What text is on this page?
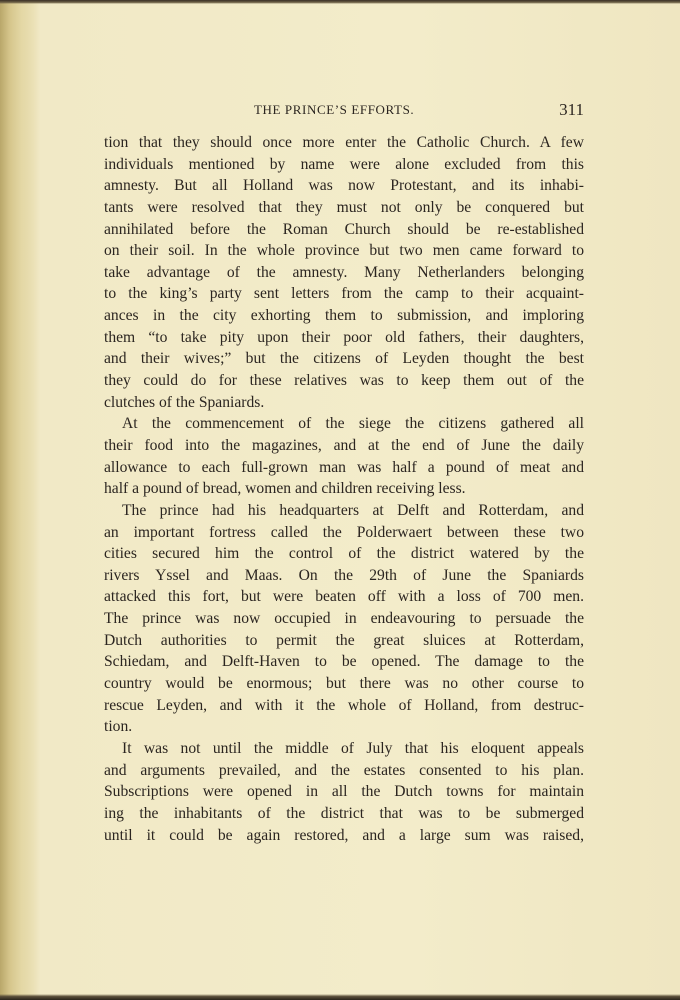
THE PRINCE’S EFFORTS.	311
tion that they should once more enter the Catholic Church. A few
individuals mentioned by name were alone excluded from this
amnesty. But all Holland was now Protestant, and its inhabi-
tants were resolved that they must not only be conquered but
annihilated before the Roman Church should be re-established
on their soil. In the whole province but two men came forward to
take advantage of the amnesty. Many Netherlanders belonging
to the king’s party sent letters from the camp to their acquaint-
ances in the city exhorting them to submission, and imploring
them “to take pity upon their poor old fathers, their daughters,
and their wives;” but the citizens of Leyden thought the best
they could do for these relatives was to keep them out of the
clutches of the Spaniards.
At the commencement of the siege the citizens gathered all
their food into the magazines, and at the end of June the daily
allowance to each full-grown man was half a pound of meat and
half a pound of bread, women and children receiving less.
The prince had his headquarters at Delft and Rotterdam, and
an important fortress called the Polderwaert between these two
cities secured him the control of the district watered by the
rivers Yssel and Maas. On the 29th of June the Spaniards
attacked this fort, but were beaten off with a loss of 700 men.
The prince was now occupied in endeavouring to persuade the
Dutch authorities to permit the great sluices at Rotterdam,
Schiedam, and Delft-Haven to be opened. The damage to the
country would be enormous; but there was no other course to
rescue Leyden, and with it the whole of Holland, from destruc-
tion.
It was not until the middle of July that his eloquent appeals
and arguments prevailed, and the estates consented to his plan.
Subscriptions were opened in all the Dutch towns for maintain
ing the inhabitants of the district that was to be submerged
until it could be again restored, and a large sum was raised,
